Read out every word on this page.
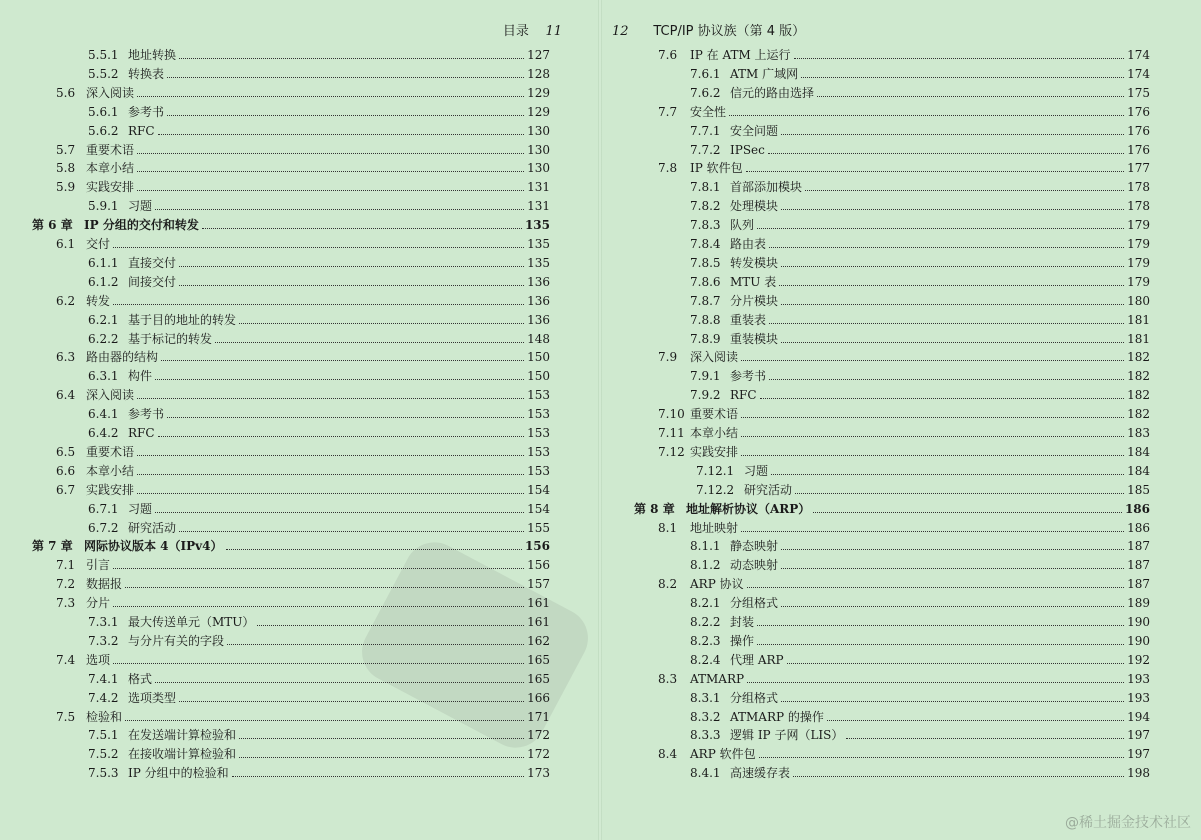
目录 11
5.5.1 地址转换	127
5.5.2 转换表	128
5.6 深入阅读	129
5.6.1 参考书	129
5.6.2 RFC	130
5.7 重要术语	130
5.8 本章小结	130
5.9 实践安排	131
5.9.1 习题	131
第 6 章 IP 分组的交付和转发	135
6.1 交付	135
6.1.1 直接交付	135
6.1.2 间接交付	136
6.2 转发	136
6.2.1 基于目的地址的转发	136
6.2.2 基于标记的转发	148
6.3 路由器的结构	150
6.3.1 构件	150
6.4 深入阅读	153
6.4.1 参考书	153
6.4.2 RFC	153
6.5 重要术语	153
6.6 本章小结	153
6.7 实践安排	154
6.7.1 习题	154
6.7.2 研究活动	155
第 7 章 网际协议版本 4（IPv4）	156
7.1 引言	156
7.2 数据报	157
7.3 分片	161
7.3.1 最大传送单元（MTU）	161
7.3.2 与分片有关的字段	162
7.4 选项	165
7.4.1 格式	165
7.4.2 选项类型	166
7.5 检验和	171
7.5.1 在发送端计算检验和	172
7.5.2 在接收端计算检验和	172
7.5.3 IP 分组中的检验和	173
12 TCP/IP 协议族（第 4 版）
7.6	IP 在 ATM 上运行	174
7.6.1 ATM 广域网	174
7.6.2 信元的路由选择	175
7.7	安全性	176
7.7.1 安全问题	176
7.7.2 IPSec	176
7.8	IP 软件包	177
7.8.1 首部添加模块	178
7.8.2 处理模块	178
7.8.3 队列	179
7.8.4 路由表	179
7.8.5 转发模块	179
7.8.6 MTU 表	179
7.8.7 分片模块	180
7.8.8 重装表	181
7.8.9 重装模块	181
7.9	深入阅读	182
7.9.1 参考书	182
7.9.2 RFC	182
7.10 重要术语	182
7.11 本章小结	183
7.12 实践安排	184
7.12.1 习题	184
7.12.2 研究活动	185
第 8 章 地址解析协议（ARP）	186
8.1	地址映射	186
8.1.1 静态映射	187
8.1.2 动态映射	187
8.2	ARP 协议	187
8.2.1 分组格式	189
8.2.2 封装	190
8.2.3 操作	190
8.2.4 代理 ARP	192
8.3	ATMARP	193
8.3.1 分组格式	193
8.3.2 ATMARP 的操作	194
8.3.3 逻辑 IP 子网（LIS）	197
8.4	ARP 软件包	197
8.4.1 高速缓存表	198
@稀土掘金技术社区
